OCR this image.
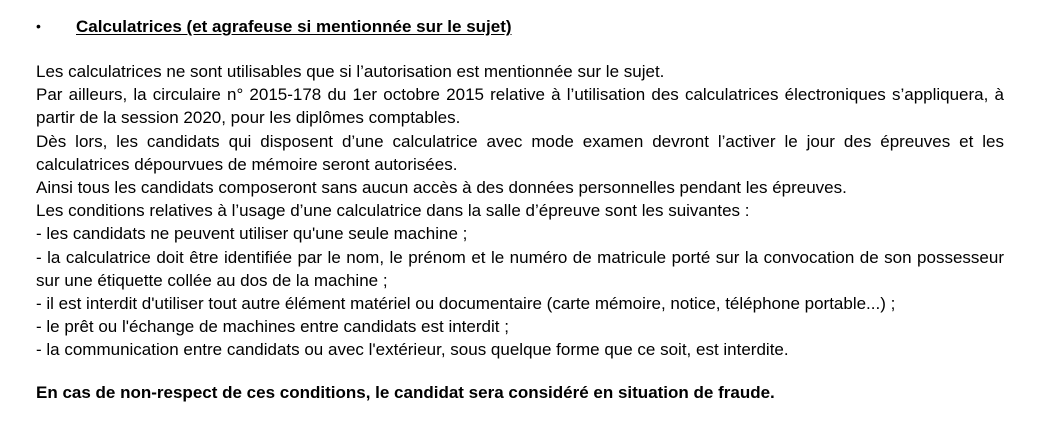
•	Calculatrices (et agrafeuse si mentionnée sur le sujet)
Les calculatrices ne sont utilisables que si l’autorisation est mentionnée sur le sujet.
Par ailleurs, la circulaire n° 2015-178 du 1er octobre 2015 relative à l’utilisation des calculatrices électroniques s’appliquera, à
partir de la session 2020, pour les diplômes comptables.
Dès lors, les candidats qui disposent d’une calculatrice avec mode examen devront l’activer le jour des épreuves et les
calculatrices dépourvues de mémoire seront autorisées.
Ainsi tous les candidats composeront sans aucun accès à des données personnelles pendant les épreuves.
Les conditions relatives à l’usage d’une calculatrice dans la salle d’épreuve sont les suivantes :
- les candidats ne peuvent utiliser qu'une seule machine ;
- la calculatrice doit être identifiée par le nom, le prénom et le numéro de matricule porté sur la convocation de son possesseur
sur une étiquette collée au dos de la machine ;
- il est interdit d'utiliser tout autre élément matériel ou documentaire (carte mémoire, notice, téléphone portable...) ;
- le prêt ou l'échange de machines entre candidats est interdit ;
- la communication entre candidats ou avec l'extérieur, sous quelque forme que ce soit, est interdite.
En cas de non-respect de ces conditions, le candidat sera considéré en situation de fraude.
